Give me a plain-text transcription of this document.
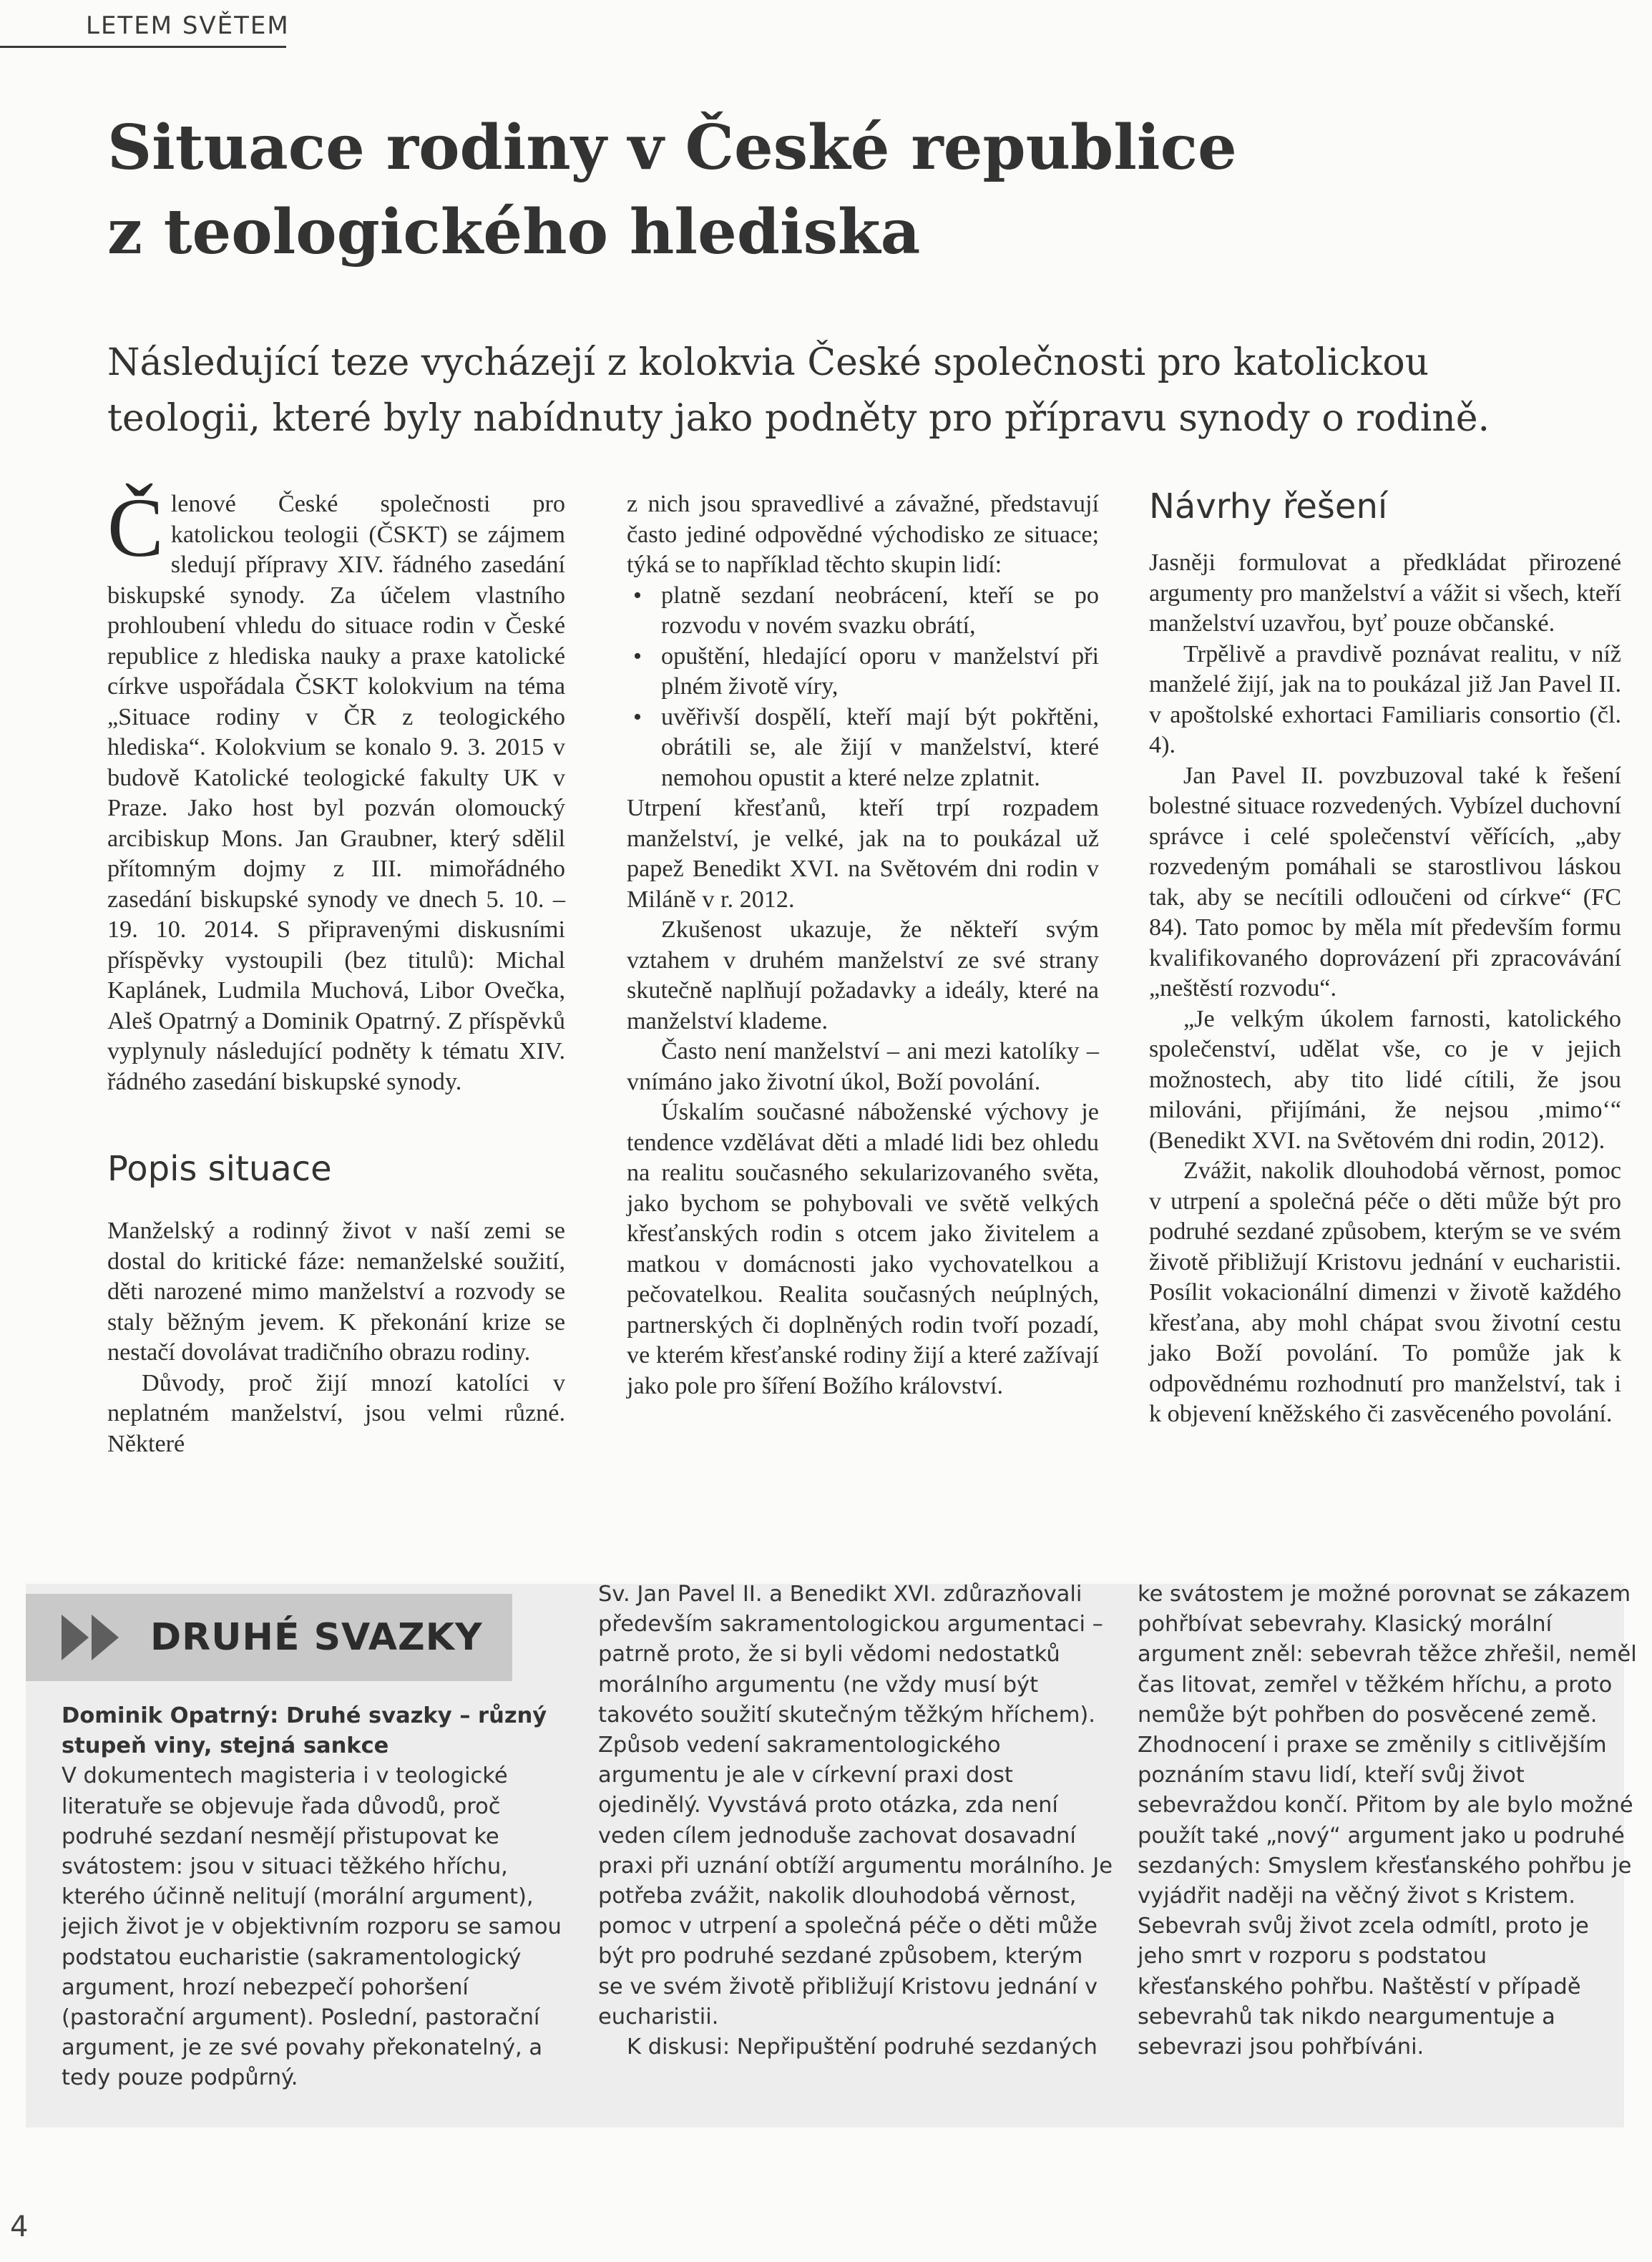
LETEM SVĚTEM
Situace rodiny v České republice
z teologického hlediska
Následující teze vycházejí z kolokvia České společnosti pro katolickou teologii, které byly nabídnuty jako podněty pro přípravu synody o rodině.

Členové České společnosti pro katolickou teologii (ČSKT) se zájmem sledují přípravy XIV. řádného zasedání biskupské synody. Za účelem vlastního prohloubení vhledu do situace rodin v České republice z hlediska nauky a praxe katolické církve uspořádala ČSKT kolokvium na téma „Situace rodiny v ČR z teologického hlediska“. Kolokvium se konalo 9. 3. 2015 v budově Katolické teologické fakulty UK v Praze. Jako host byl pozván olomoucký arcibiskup Mons. Jan Graubner, který sdělil přítomným dojmy z III. mimořádného zasedání biskupské synody ve dnech 5. 10. – 19. 10. 2014. S připravenými diskusními příspěvky vystoupili (bez titulů): Michal Kaplánek, Ludmila Muchová, Libor Ovečka, Aleš Opatrný a Dominik Opatrný. Z příspěvků vyplynuly následující podněty k tématu XIV. řádného zasedání biskupské synody.

Popis situace

Manželský a rodinný život v naší zemi se dostal do kritické fáze: nemanželské soužití, děti narozené mimo manželství a rozvody se staly běžným jevem. K překonání krize se nestačí dovolávat tradičního obrazu rodiny.

Důvody, proč žijí mnozí katolíci v neplatném manželství, jsou velmi různé. Některé

z nich jsou spravedlivé a závažné, představují často jediné odpovědné východisko ze situace; týká se to například těchto skupin lidí:

• platně sezdaní neobrácení, kteří se po rozvodu v novém svazku obrátí,
• opuštění, hledající oporu v manželství při plném životě víry,
• uvěřivší dospělí, kteří mají být pokřtěni, obrátili se, ale žijí v manželství, které nemohou opustit a které nelze zplatnit.

Utrpení křesťanů, kteří trpí rozpadem manželství, je velké, jak na to poukázal už papež Benedikt XVI. na Světovém dni rodin v Miláně v r. 2012.

Zkušenost ukazuje, že někteří svým vztahem v druhém manželství ze své strany skutečně naplňují požadavky a ideály, které na manželství klademe.

Často není manželství – ani mezi katolíky – vnímáno jako životní úkol, Boží povolání.

Úskalím současné náboženské výchovy je tendence vzdělávat děti a mladé lidi bez ohledu na realitu současného sekularizovaného světa, jako bychom se pohybovali ve světě velkých křesťanských rodin s otcem jako živitelem a matkou v domácnosti jako vychovatelkou a pečovatelkou. Realita současných neúplných, partnerských či doplněných rodin tvoří pozadí, ve kterém křesťanské rodiny žijí a které zažívají jako pole pro šíření Božího království.

Návrhy řešení

Jasněji formulovat a předkládat přirozené argumenty pro manželství a vážit si všech, kteří manželství uzavřou, byť pouze občanské.

Trpělivě a pravdivě poznávat realitu, v níž manželé žijí, jak na to poukázal již Jan Pavel II. v apoštolské exhortaci Familiaris consortio (čl. 4).

Jan Pavel II. povzbuzoval také k řešení bolestné situace rozvedených. Vybízel duchovní správce i celé společenství věřících, „aby rozvedeným pomáhali se starostlivou láskou tak, aby se necítili odloučeni od církve“ (FC 84). Tato pomoc by měla mít především formu kvalifikovaného doprovázení při zpracovávání „neštěstí rozvodu“.

„Je velkým úkolem farnosti, katolického společenství, udělat vše, co je v jejich možnostech, aby tito lidé cítili, že jsou milováni, přijímáni, že nejsou ‚mimo‘“ (Benedikt XVI. na Světovém dni rodin, 2012).

Zvážit, nakolik dlouhodobá věrnost, pomoc v utrpení a společná péče o děti může být pro podruhé sezdané způsobem, kterým se ve svém životě přibližují Kristovu jednání v eucharistii. Posílit vokacionální dimenzi v životě každého křesťana, aby mohl chápat svou životní cestu jako Boží povolání. To pomůže jak k odpovědnému rozhodnutí pro manželství, tak i k objevení kněžského či zasvěceného povolání.

DRUHÉ SVAZKY

Dominik Opatrný: Druhé svazky – různý stupeň viny, stejná sankce

V dokumentech magisteria i v teologické literatuře se objevuje řada důvodů, proč podruhé sezdaní nesmějí přistupovat ke svátostem: jsou v situaci těžkého hříchu, kterého účinně nelitují (morální argument), jejich život je v objektivním rozporu se samou podstatou eucharistie (sakramentologický argument, hrozí nebezpečí pohoršení (pastorační argument). Poslední, pastorační argument, je ze své povahy překonatelný, a tedy pouze podpůrný.

Sv. Jan Pavel II. a Benedikt XVI. zdůrazňovali především sakramentologickou argumentaci – patrně proto, že si byli vědomi nedostatků morálního argumentu (ne vždy musí být takovéto soužití skutečným těžkým hříchem). Způsob vedení sakramentologického argumentu je ale v církevní praxi dost ojedinělý. Vyvstává proto otázka, zda není veden cílem jednoduše zachovat dosavadní praxi při uznání obtíží argumentu morálního. Je potřeba zvážit, nakolik dlouhodobá věrnost, pomoc v utrpení a společná péče o děti může být pro podruhé sezdané způsobem, kterým se ve svém životě přibližují Kristovu jednání v eucharistii.

K diskusi: Nepřipuštění podruhé sezdaných

ke svátostem je možné porovnat se zákazem pohřbívat sebevrahy. Klasický morální argument zněl: sebevrah těžce zhřešil, neměl čas litovat, zemřel v těžkém hříchu, a proto nemůže být pohřben do posvěcené země. Zhodnocení i praxe se změnily s citlivějším poznáním stavu lidí, kteří svůj život sebevraždou končí. Přitom by ale bylo možné použít také „nový“ argument jako u podruhé sezdaných: Smyslem křesťanského pohřbu je vyjádřit naději na věčný život s Kristem. Sebevrah svůj život zcela odmítl, proto je jeho smrt v rozporu s podstatou křesťanského pohřbu. Naštěstí v případě sebevrahů tak nikdo neargumentuje a sebevrazi jsou pohřbíváni.

4
